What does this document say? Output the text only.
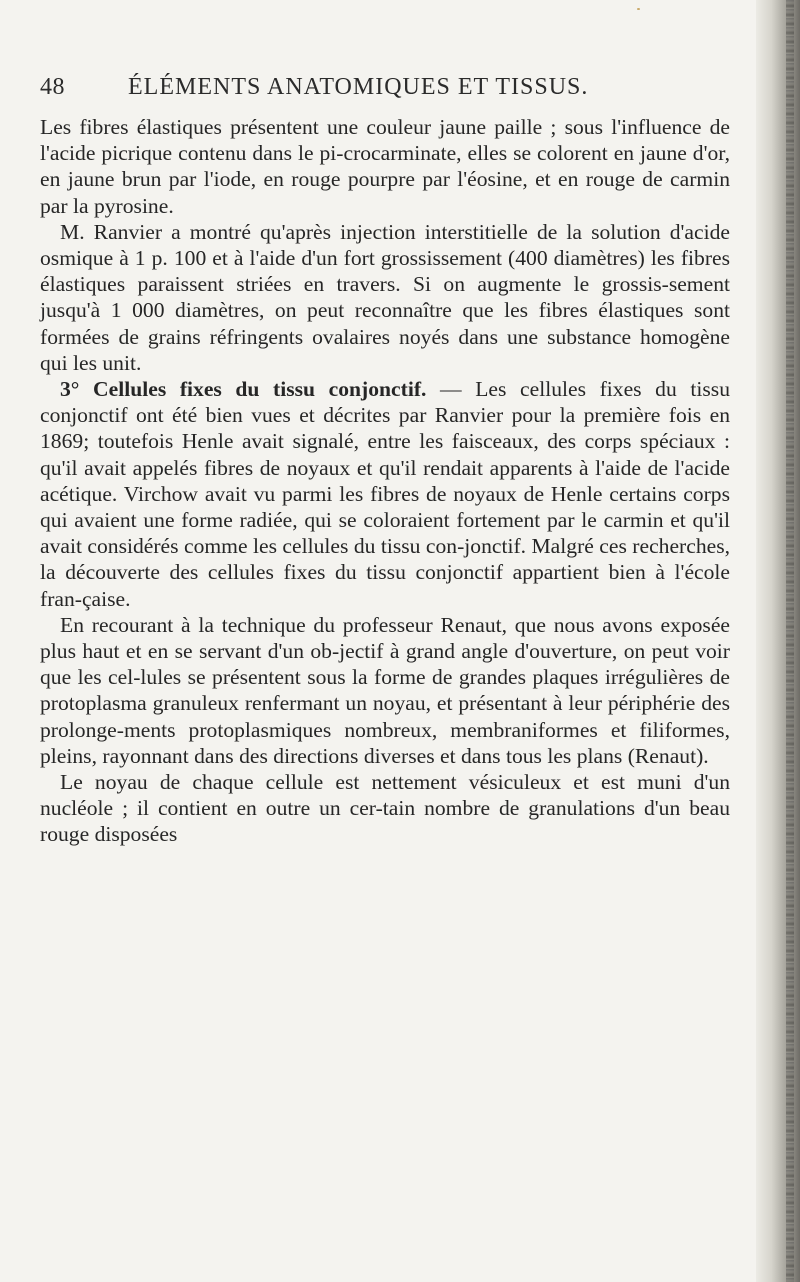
48	ÉLÉMENTS ANATOMIQUES ET TISSUS.

Les fibres élastiques présentent une couleur jaune paille ; sous l'influence de l'acide picrique contenu dans le pi-crocarminate, elles se colorent en jaune d'or, en jaune brun par l'iode, en rouge pourpre par l'éosine, et en rouge de carmin par la pyrosine.

M. Ranvier a montré qu'après injection interstitielle de la solution d'acide osmique à 1 p. 100 et à l'aide d'un fort grossissement (400 diamètres) les fibres élastiques paraissent striées en travers. Si on augmente le grossis-sement jusqu'à 1 000 diamètres, on peut reconnaître que les fibres élastiques sont formées de grains réfringents ovalaires noyés dans une substance homogène qui les unit.

3° Cellules fixes du tissu conjonctif. — Les cellules fixes du tissu conjonctif ont été bien vues et décrites par Ranvier pour la première fois en 1869; toutefois Henle avait signalé, entre les faisceaux, des corps spéciaux : qu'il avait appelés fibres de noyaux et qu'il rendait apparents à l'aide de l'acide acétique. Virchow avait vu parmi les fibres de noyaux de Henle certains corps qui avaient une forme radiée, qui se coloraient fortement par le carmin et qu'il avait considérés comme les cellules du tissu con-jonctif. Malgré ces recherches, la découverte des cellules fixes du tissu conjonctif appartient bien à l'école fran-çaise.

En recourant à la technique du professeur Renaut, que nous avons exposée plus haut et en se servant d'un ob-jectif à grand angle d'ouverture, on peut voir que les cel-lules se présentent sous la forme de grandes plaques irrégulières de protoplasma granuleux renfermant un noyau, et présentant à leur périphérie des prolonge-ments protoplasmiques nombreux, membraniformes et filiformes, pleins, rayonnant dans des directions diverses et dans tous les plans (Renaut).

Le noyau de chaque cellule est nettement vésiculeux et est muni d'un nucléole ; il contient en outre un cer-tain nombre de granulations d'un beau rouge disposées
